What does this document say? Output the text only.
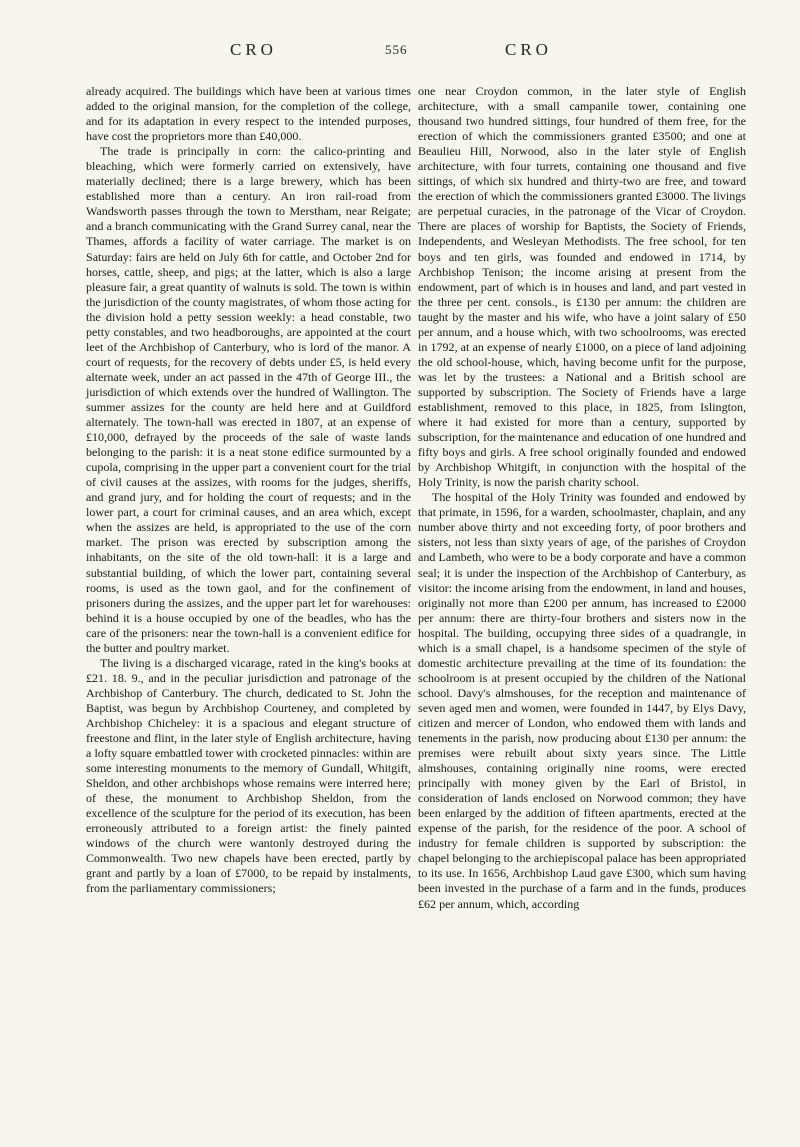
CRO	556	CRO

already acquired. The buildings which have been at various times added to the original mansion, for the completion of the college, and for its adaptation in every respect to the intended purposes, have cost the proprietors more than £40,000.

The trade is principally in corn: the calico-printing and bleaching, which were formerly carried on extensively, have materially declined; there is a large brewery, which has been established more than a century. An iron rail-road from Wandsworth passes through the town to Merstham, near Reigate; and a branch communicating with the Grand Surrey canal, near the Thames, affords a facility of water carriage. The market is on Saturday: fairs are held on July 6th for cattle, and October 2nd for horses, cattle, sheep, and pigs; at the latter, which is also a large pleasure fair, a great quantity of walnuts is sold. The town is within the jurisdiction of the county magistrates, of whom those acting for the division hold a petty session weekly: a head constable, two petty constables, and two headboroughs, are appointed at the court leet of the Archbishop of Canterbury, who is lord of the manor. A court of requests, for the recovery of debts under £5, is held every alternate week, under an act passed in the 47th of George III., the jurisdiction of which extends over the hundred of Wallington. The summer assizes for the county are held here and at Guildford alternately. The town-hall was erected in 1807, at an expense of £10,000, defrayed by the proceeds of the sale of waste lands belonging to the parish: it is a neat stone edifice surmounted by a cupola, comprising in the upper part a convenient court for the trial of civil causes at the assizes, with rooms for the judges, sheriffs, and grand jury, and for holding the court of requests; and in the lower part, a court for criminal causes, and an area which, except when the assizes are held, is appropriated to the use of the corn market. The prison was erected by subscription among the inhabitants, on the site of the old town-hall: it is a large and substantial building, of which the lower part, containing several rooms, is used as the town gaol, and for the confinement of prisoners during the assizes, and the upper part let for warehouses: behind it is a house occupied by one of the beadles, who has the care of the prisoners: near the town-hall is a convenient edifice for the butter and poultry market.

The living is a discharged vicarage, rated in the king's books at £21. 18. 9., and in the peculiar jurisdiction and patronage of the Archbishop of Canterbury. The church, dedicated to St. John the Baptist, was begun by Archbishop Courteney, and completed by Archbishop Chicheley: it is a spacious and elegant structure of freestone and flint, in the later style of English architecture, having a lofty square embattled tower with crocketed pinnacles: within are some interesting monuments to the memory of Gundall, Whitgift, Sheldon, and other archbishops whose remains were interred here; of these, the monument to Archbishop Sheldon, from the excellence of the sculpture for the period of its execution, has been erroneously attributed to a foreign artist: the finely painted windows of the church were wantonly destroyed during the Commonwealth. Two new chapels have been erected, partly by grant and partly by a loan of £7000, to be repaid by instalments, from the parliamentary commissioners;

one near Croydon common, in the later style of English architecture, with a small campanile tower, containing one thousand two hundred sittings, four hundred of them free, for the erection of which the commissioners granted £3500; and one at Beaulieu Hill, Norwood, also in the later style of English architecture, with four turrets, containing one thousand and five sittings, of which six hundred and thirty-two are free, and toward the erection of which the commissioners granted £3000. The livings are perpetual curacies, in the patronage of the Vicar of Croydon. There are places of worship for Baptists, the Society of Friends, Independents, and Wesleyan Methodists. The free school, for ten boys and ten girls, was founded and endowed in 1714, by Archbishop Tenison; the income arising at present from the endowment, part of which is in houses and land, and part vested in the three per cent. consols., is £130 per annum: the children are taught by the master and his wife, who have a joint salary of £50 per annum, and a house which, with two schoolrooms, was erected in 1792, at an expense of nearly £1000, on a piece of land adjoining the old school-house, which, having become unfit for the purpose, was let by the trustees: a National and a British school are supported by subscription. The Society of Friends have a large establishment, removed to this place, in 1825, from Islington, where it had existed for more than a century, supported by subscription, for the maintenance and education of one hundred and fifty boys and girls. A free school originally founded and endowed by Archbishop Whitgift, in conjunction with the hospital of the Holy Trinity, is now the parish charity school.

The hospital of the Holy Trinity was founded and endowed by that primate, in 1596, for a warden, schoolmaster, chaplain, and any number above thirty and not exceeding forty, of poor brothers and sisters, not less than sixty years of age, of the parishes of Croydon and Lambeth, who were to be a body corporate and have a common seal; it is under the inspection of the Archbishop of Canterbury, as visitor: the income arising from the endowment, in land and houses, originally not more than £200 per annum, has increased to £2000 per annum: there are thirty-four brothers and sisters now in the hospital. The building, occupying three sides of a quadrangle, in which is a small chapel, is a handsome specimen of the style of domestic architecture prevailing at the time of its foundation: the schoolroom is at present occupied by the children of the National school. Davy's almshouses, for the reception and maintenance of seven aged men and women, were founded in 1447, by Elys Davy, citizen and mercer of London, who endowed them with lands and tenements in the parish, now producing about £130 per annum: the premises were rebuilt about sixty years since. The Little almshouses, containing originally nine rooms, were erected principally with money given by the Earl of Bristol, in consideration of lands enclosed on Norwood common; they have been enlarged by the addition of fifteen apartments, erected at the expense of the parish, for the residence of the poor. A school of industry for female children is supported by subscription: the chapel belonging to the archiepiscopal palace has been appropriated to its use. In 1656, Archbishop Laud gave £300, which sum having been invested in the purchase of a farm and in the funds, produces £62 per annum, which, according
